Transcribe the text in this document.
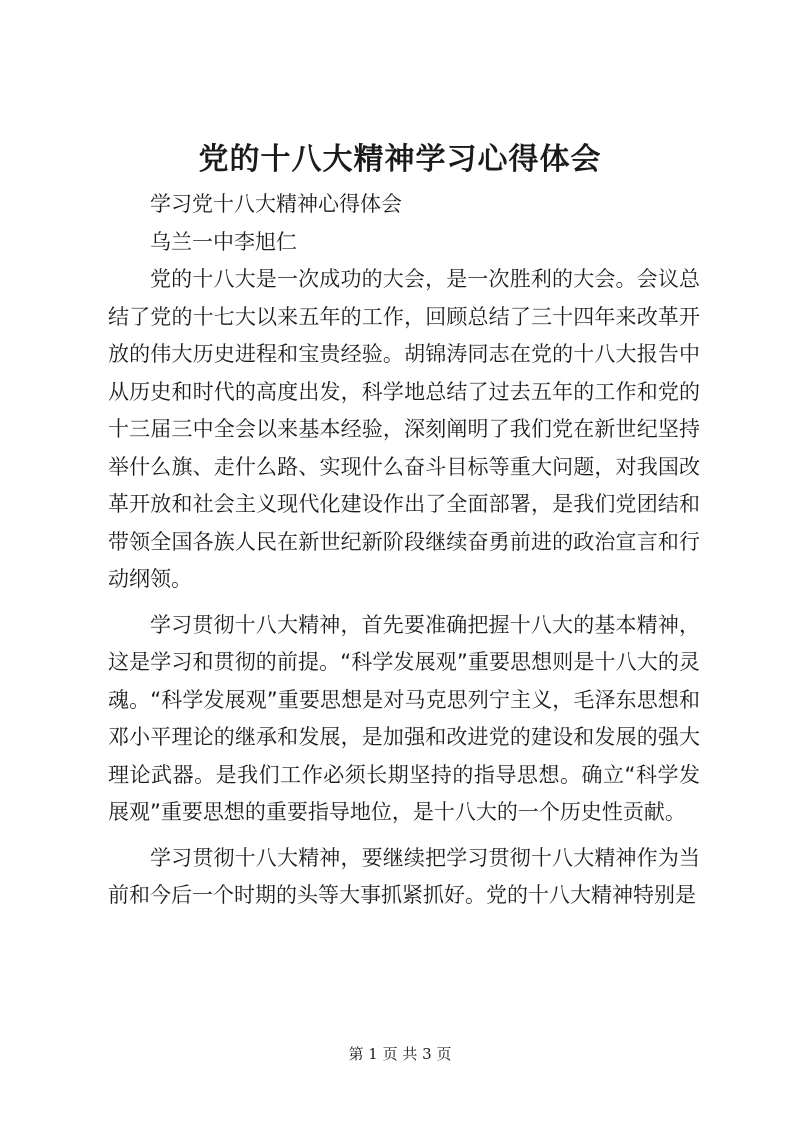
党的十八大精神学习心得体会

学习党十八大精神心得体会

乌兰一中李旭仁

党的十八大是一次成功的大会，是一次胜利的大会。会议总结了党的十七大以来五年的工作，回顾总结了三十四年来改革开放的伟大历史进程和宝贵经验。胡锦涛同志在党的十八大报告中从历史和时代的高度出发，科学地总结了过去五年的工作和党的十三届三中全会以来基本经验，深刻阐明了我们党在新世纪坚持举什么旗、走什么路、实现什么奋斗目标等重大问题，对我国改革开放和社会主义现代化建设作出了全面部署，是我们党团结和带领全国各族人民在新世纪新阶段继续奋勇前进的政治宣言和行动纲领。

学习贯彻十八大精神，首先要准确把握十八大的基本精神，这是学习和贯彻的前提。“科学发展观”重要思想则是十八大的灵魂。“科学发展观”重要思想是对马克思列宁主义，毛泽东思想和邓小平理论的继承和发展，是加强和改进党的建设和发展的强大理论武器。是我们工作必须长期坚持的指导思想。确立“科学发展观”重要思想的重要指导地位，是十八大的一个历史性贡献。

学习贯彻十八大精神，要继续把学习贯彻十八大精神作为当前和今后一个时期的头等大事抓紧抓好。党的十八大精神特别是

第 1 页 共 3 页
